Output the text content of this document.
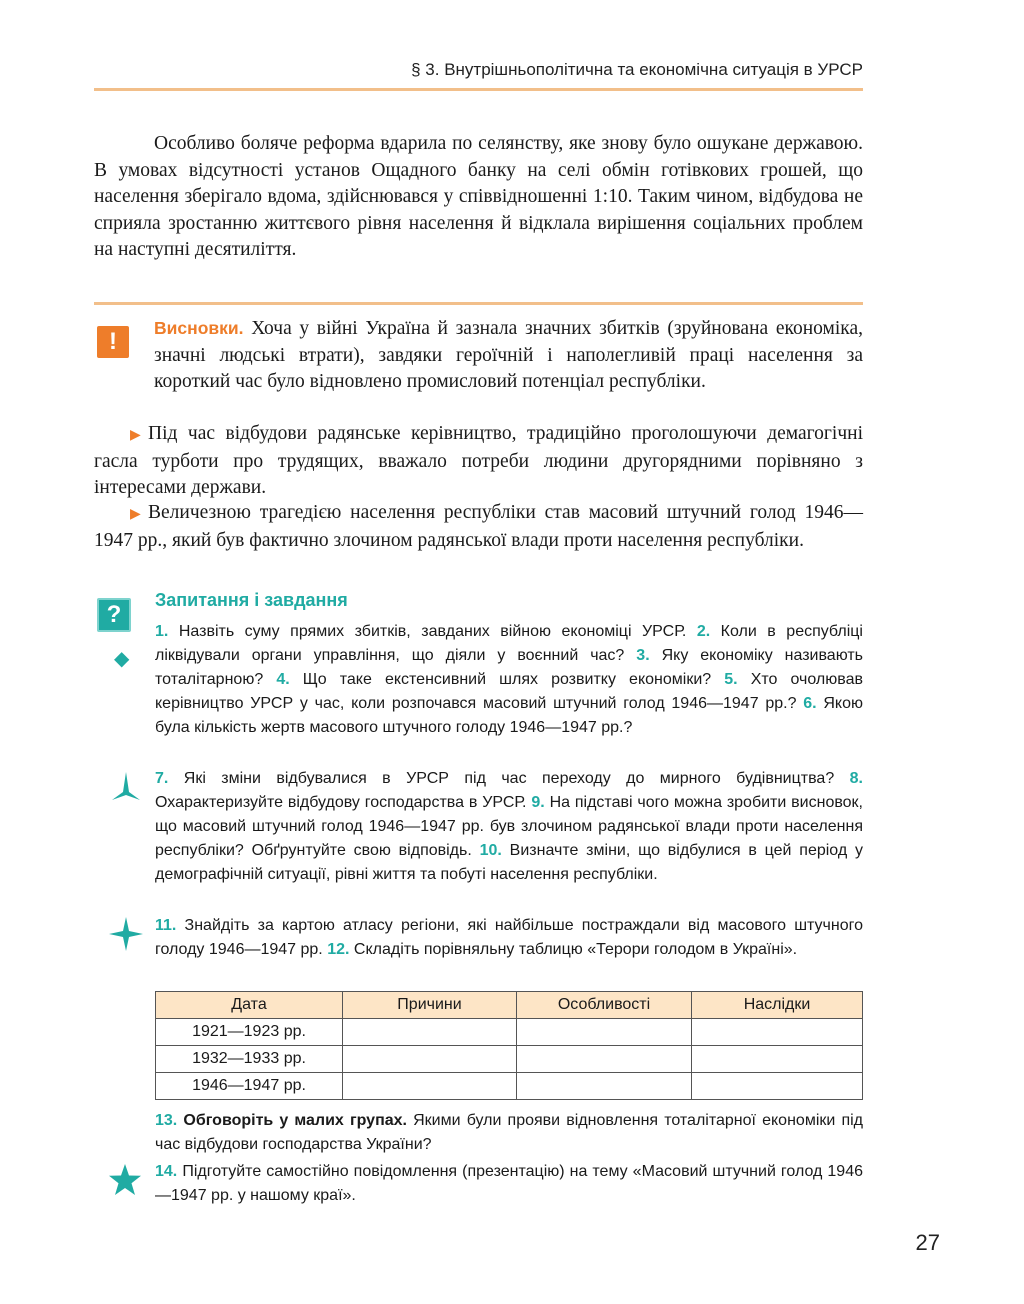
§ 3. Внутрішньополітична та економічна ситуація в УРСР
Особливо боляче реформа вдарила по селянству, яке знову було ошукане державою. В умовах відсутності установ Ощадного банку на селі обмін готівкових грошей, що населення зберігало вдома, здійснювався у співвідношенні 1:10. Таким чином, відбудова не сприяла зростанню життєвого рівня населення й відклала вирішення соціальних проблем на наступні десятиліття.
! Висновки. Хоча у війні Україна й зазнала значних збитків (зруйнована економіка, значні людські втрати), завдяки героїчній і наполегливій праці населення за короткий час було відновлено промисловий потенціал республіки.
▶ Під час відбудови радянське керівництво, традиційно проголошуючи демагогічні гасла турботи про трудящих, вважало потреби людини другорядними порівняно з інтересами держави.
▶ Величезною трагедією населення республіки став масовий штучний голод 1946—1947 рр., який був фактично злочином радянської влади проти населення республіки.
?
Запитання і завдання
◆
1. Назвіть суму прямих збитків, завданих війною економіці УРСР. 2. Коли в республіці ліквідували органи управління, що діяли у воєнний час? 3. Яку економіку називають тоталітарною? 4. Що таке екстенсивний шлях розвитку економіки? 5. Хто очолював керівництво УРСР у час, коли розпочався масовий штучний голод 1946—1947 рр.? 6. Якою була кількість жертв масового штучного голоду 1946—1947 рр.?
7. Які зміни відбувалися в УРСР під час переходу до мирного будівництва? 8. Охарактеризуйте відбудову господарства в УРСР. 9. На підставі чого можна зробити висновок, що масовий штучний голод 1946—1947 рр. був злочином радянської влади проти населення республіки? Обґрунтуйте свою відповідь. 10. Визначте зміни, що відбулися в цей період у демографічній ситуації, рівні життя та побуті населення республіки.
11. Знайдіть за картою атласу регіони, які найбільше постраждали від масового штучного голоду 1946—1947 рр. 12. Складіть порівняльну таблицю «Терори голодом в Україні».
Дата	Причини	Особливості	Наслідки
1921—1923 рр.			
1932—1933 рр.			
1946—1947 рр.			
13. Обговоріть у малих групах. Якими були прояви відновлення тоталітарної економіки під час відбудови господарства України?
14. Підготуйте самостійно повідомлення (презентацію) на тему «Масовий штучний голод 1946—1947 рр. у нашому краї».
27
